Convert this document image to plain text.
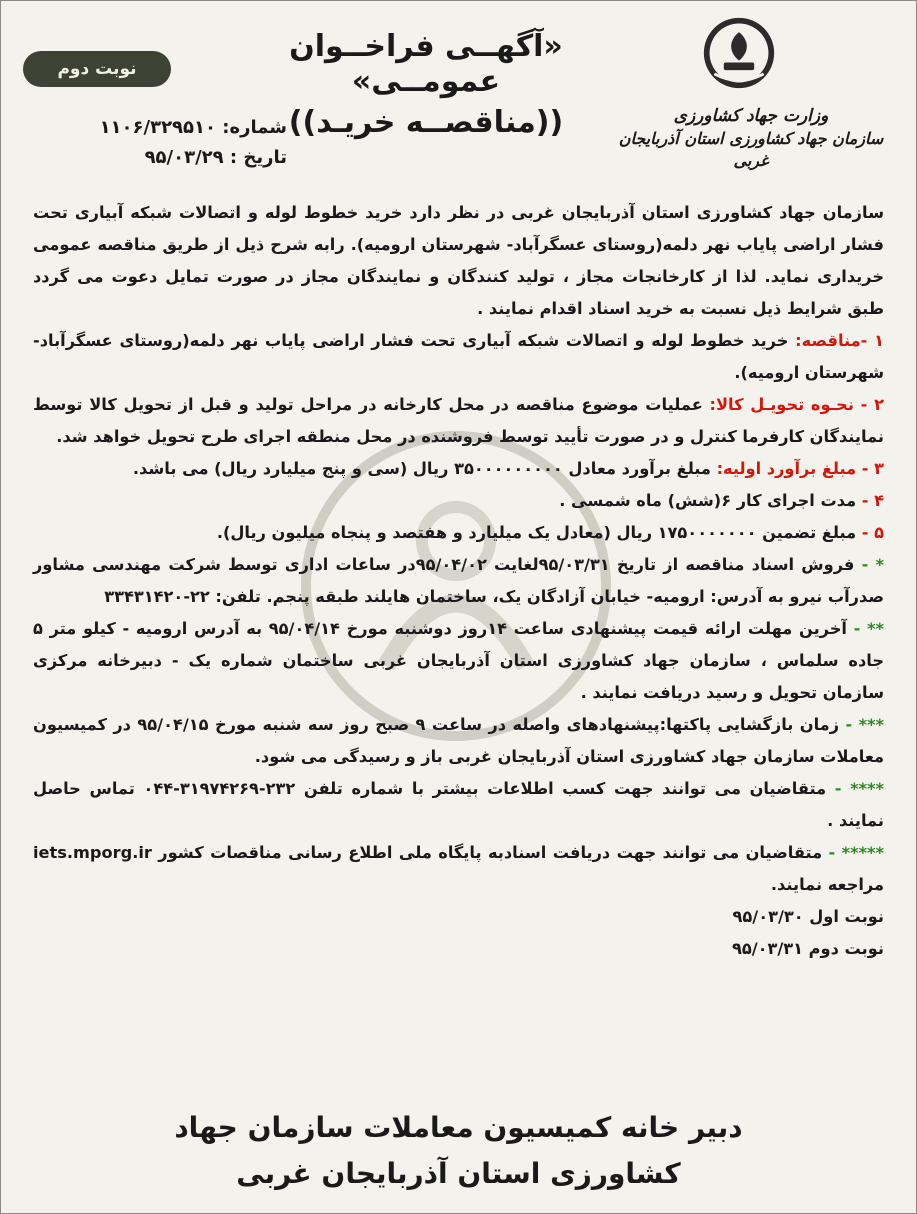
وزارت جهاد کشاورزی
سازمان جهاد کشاورزی استان آذربایجان غربی
«آگهــی فراخــوان عمومــی»
((مناقصــه خریـد))
نوبت دوم
شماره: ۱۱۰۶/۳۲۹۵۱۰
تاریخ : ۹۵/۰۳/۲۹

سازمان جهاد کشاورزی استان آذربایجان غربی در نظر دارد خرید خطوط لوله و اتصالات شبکه آبیاری تحت فشار اراضی پایاب نهر دلمه(روستای عسگرآباد- شهرستان ارومیه). رابه شرح ذیل از طریق مناقصه عمومی خریداری نماید. لذا از کارخانجات مجاز ، تولید کنندگان و نمایندگان مجاز در صورت تمایل دعوت می گردد طبق شرایط ذیل نسبت به خرید اسناد اقدام نمایند .

۱ -مناقصه: خرید خطوط لوله و اتصالات شبکه آبیاری تحت فشار اراضی پایاب نهر دلمه(روستای عسگرآباد- شهرستان ارومیه).

۲ - نحـوه تحویـل کالا: عملیات موضوع مناقصه در محل کارخانه در مراحل تولید و قبل از تحویل کالا توسط نمایندگان کارفرما کنترل و در صورت تأیید توسط فروشنده در محل منطقه اجرای طرح تحویل خواهد شد.

۳ - مبلغ برآورد اولیه: مبلغ برآورد معادل ۳۵۰۰۰۰۰۰۰۰۰ ریال (سی و پنج میلیارد ریال) می باشد.

۴ - مدت اجرای کار ۶(شش) ماه شمسی .

۵ - مبلغ تضمین ۱۷۵۰۰۰۰۰۰۰ ریال (معادل یک میلیارد و هفتصد و پنجاه میلیون ریال).

* - فروش اسناد مناقصه از تاریخ ۹۵/۰۳/۳۱لغایت ۹۵/۰۴/۰۲در ساعات اداری توسط شرکت مهندسی مشاور صدرآب نیرو به آدرس: ارومیه- خیابان آزادگان یک، ساختمان هایلند طبقه پنجم. تلفن: ۲۲-۳۳۴۳۱۴۲۰

** - آخرین مهلت ارائه قیمت پیشنهادی ساعت ۱۴روز دوشنبه مورخ ۹۵/۰۴/۱۴ به آدرس ارومیه - کیلو متر ۵ جاده سلماس ، سازمان جهاد کشاورزی استان آذربایجان غربی ساختمان شماره یک - دبیرخانه مرکزی سازمان تحویل و رسید دریافت نمایند .

*** - زمان بازگشایی پاکتها:پیشنهادهای واصله در ساعت ۹ صبح روز سه شنبه مورخ ۹۵/۰۴/۱۵ در کمیسیون معاملات سازمان جهاد کشاورزی استان آذربایجان غربی باز و رسیدگی می شود.

**** - متقاضیان می توانند جهت کسب اطلاعات بیشتر با شماره تلفن ۲۳۲-۳۱۹۷۴۲۶۹-۰۴۴ تماس حاصل نمایند .

***** - متقاضیان می توانند جهت دریافت اسنادبه پایگاه ملی اطلاع رسانی مناقصات کشور iets.mporg.ir مراجعه نمایند.

نوبت اول ۹۵/۰۳/۳۰

نوبت دوم ۹۵/۰۳/۳۱

دبیر خانه کمیسیون معاملات سازمان جهاد
کشاورزی استان آذربایجان غربی
